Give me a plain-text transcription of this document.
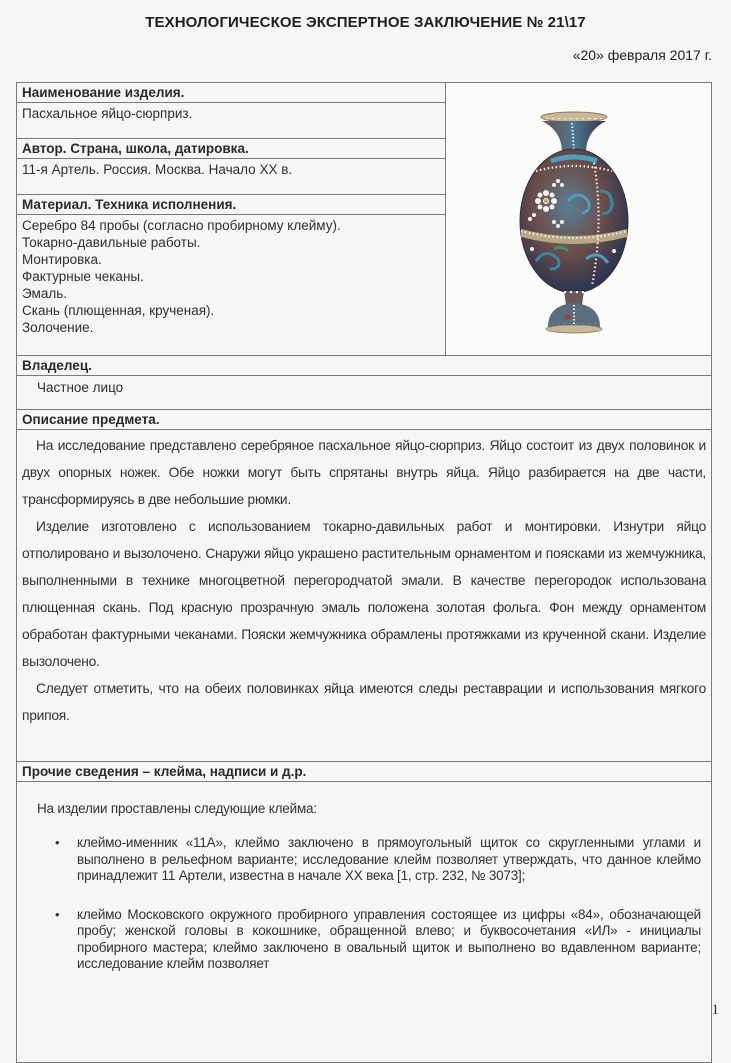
ТЕХНОЛОГИЧЕСКОЕ ЭКСПЕРТНОЕ ЗАКЛЮЧЕНИЕ № 21\17
«20» февраля 2017 г.
Наименование изделия.
Пасхальное яйцо-сюрприз.
Автор. Страна, школа, датировка.
11-я Артель. Россия. Москва. Начало XX в.
Материал. Техника исполнения.
Серебро 84 пробы (согласно пробирному клейму).
Токарно-давильные работы.
Монтировка.
Фактурные чеканы.
Эмаль.
Скань (плющенная, крученая).
Золочение.
Владелец.
Частное лицо
Описание предмета.

На исследование представлено серебряное пасхальное яйцо-сюрприз. Яйцо состоит из двух половинок и двух опорных ножек. Обе ножки могут быть спрятаны внутрь яйца. Яйцо разбирается на две части, трансформируясь в две небольшие рюмки.

Изделие изготовлено с использованием токарно-давильных работ и монтировки. Изнутри яйцо отполировано и вызолочено. Снаружи яйцо украшено растительным орнаментом и поясками из жемчужника, выполненными в технике многоцветной перегородчатой эмали. В качестве перегородок использована плющенная скань. Под красную прозрачную эмаль положена золотая фольга. Фон между орнаментом обработан фактурными чеканами. Пояски жемчужника обрамлены протяжками из крученной скани. Изделие вызолочено.

Следует отметить, что на обеих половинках яйца имеются следы реставрации и использования мягкого припоя.

Прочие сведения – клейма, надписи и д.р.

На изделии проставлены следующие клейма:

• клеймо-именник «11А», клеймо заключено в прямоугольный щиток со скругленными углами и выполнено в рельефном варианте; исследование клейм позволяет утверждать, что данное клеймо принадлежит 11 Артели, известна в начале XX века [1, стр. 232, № 3073];
• клеймо Московского окружного пробирного управления состоящее из цифры «84», обозначающей пробу; женской головы в кокошнике, обращенной влево; и буквосочетания «ИЛ» - инициалы пробирного мастера; клеймо заключено в овальный щиток и выполнено во вдавленном варианте; исследование клейм позволяет
1
